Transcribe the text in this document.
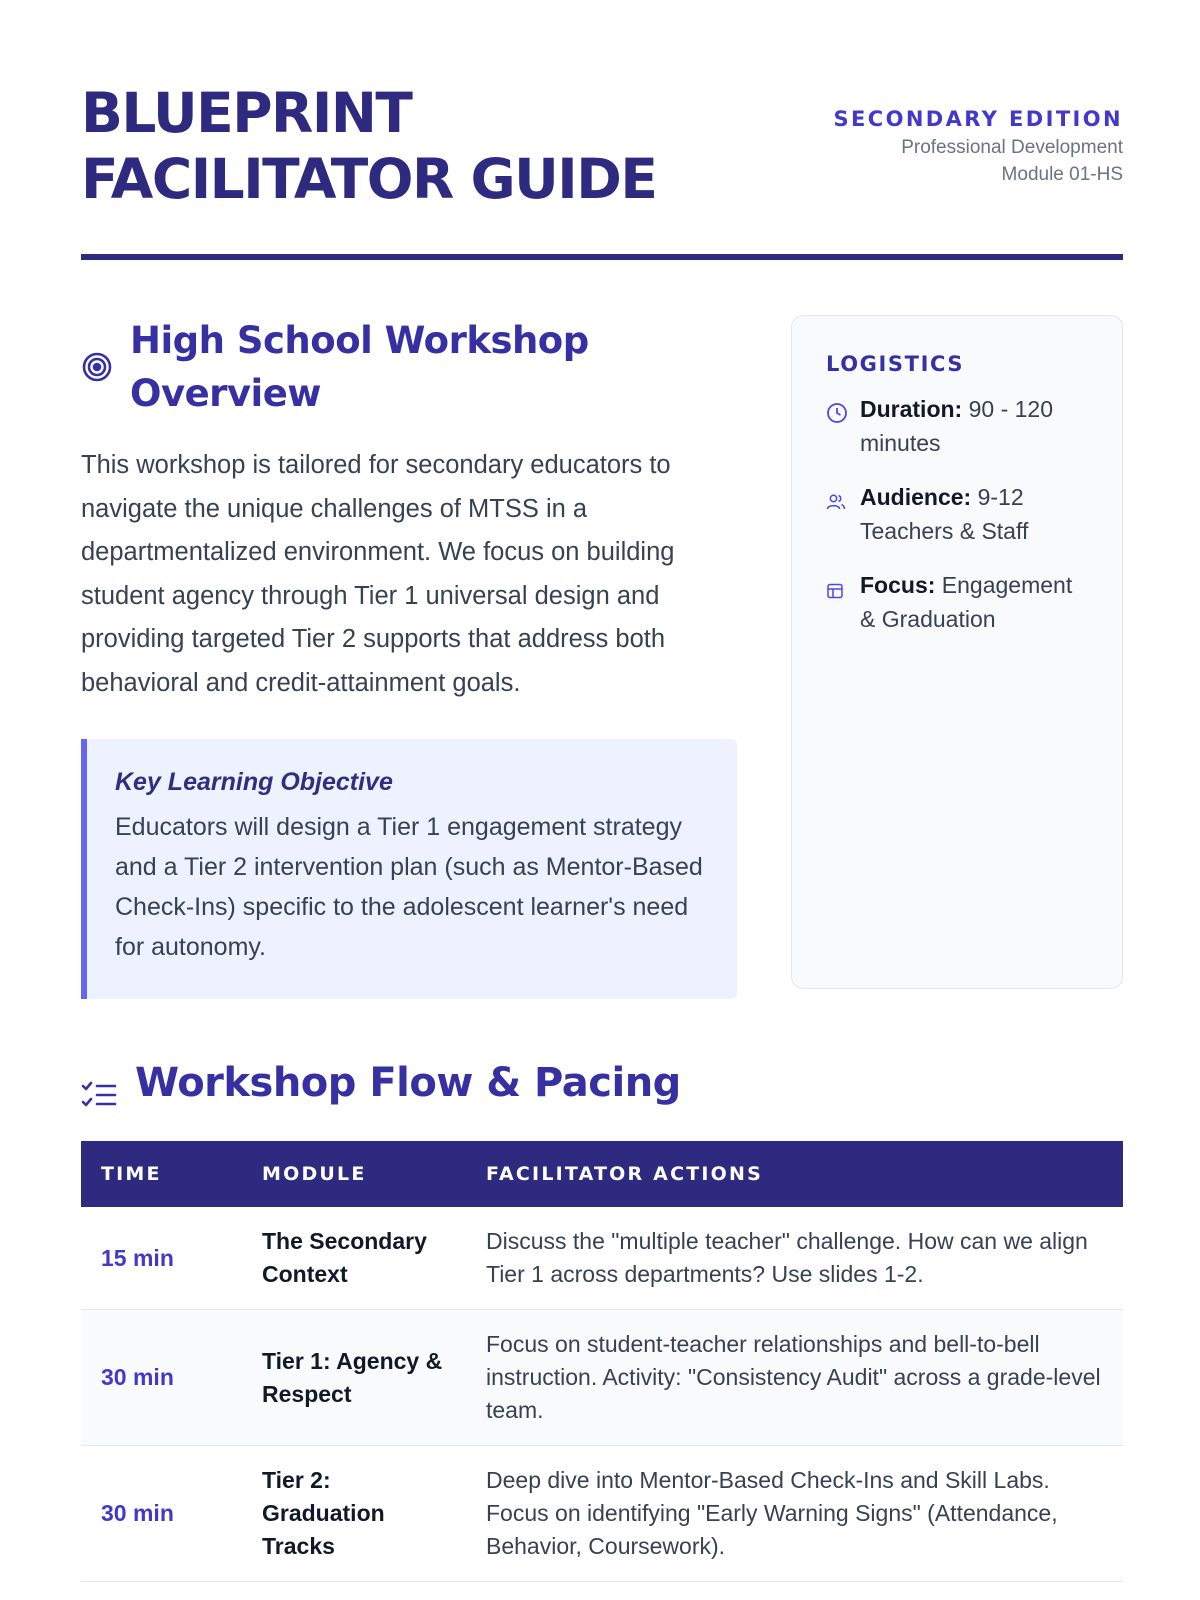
BLUEPRINT
FACILITATOR GUIDE
SECONDARY EDITION
Professional Development
Module 01-HS
High School Workshop Overview

This workshop is tailored for secondary educators to navigate the unique challenges of MTSS in a departmentalized environment. We focus on building student agency through Tier 1 universal design and providing targeted Tier 2 supports that address both behavioral and credit-attainment goals.

Key Learning Objective
Educators will design a Tier 1 engagement strategy and a Tier 2 intervention plan (such as Mentor-Based Check-Ins) specific to the adolescent learner's need for autonomy.
LOGISTICS
Duration: 90 - 120 minutes
Audience: 9-12 Teachers & Staff
Focus: Engagement & Graduation
Workshop Flow & Pacing
TIME	MODULE	FACILITATOR ACTIONS
15 min	The Secondary Context	Discuss the "multiple teacher" challenge. How can we align Tier 1 across departments? Use slides 1-2.
30 min	Tier 1: Agency & Respect	Focus on student-teacher relationships and bell-to-bell instruction. Activity: "Consistency Audit" across a grade-level team.
30 min	Tier 2: Graduation Tracks	Deep dive into Mentor-Based Check-Ins and Skill Labs. Focus on identifying "Early Warning Signs" (Attendance, Behavior, Coursework).
